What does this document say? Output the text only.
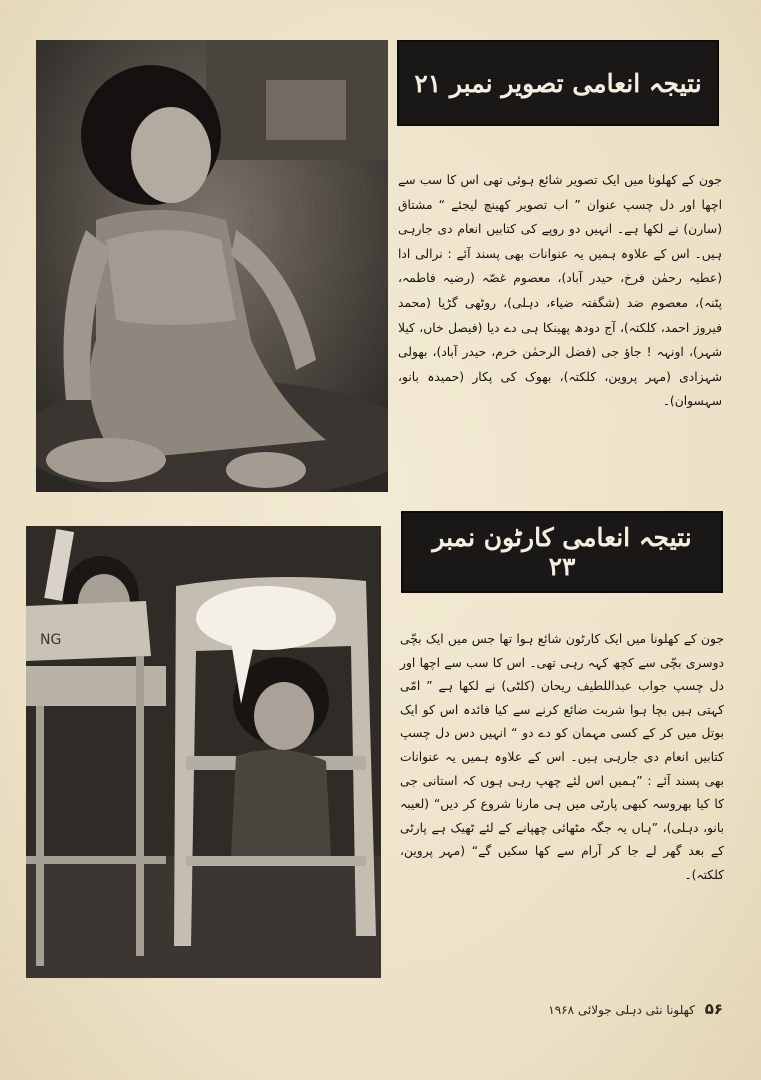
نتیجہ انعامی تصویر نمبر ۲۱

جون کے کھلونا میں ایک تصویر شائع ہوئی تھی اس کا سب سے اچھا اور دل چسپ عنوان ” اب تصویر کھینچ لیجئے “ مشتاق (سارن) نے لکھا ہے۔ انہیں دو روپے کی کتابیں انعام دی جارہی ہیں۔ اس کے علاوہ ہمیں یہ عنوانات بھی پسند آئے : نرالی ادا (عطیہ رحمٰن فرخ، حیدر آباد)، معصوم غصّہ (رضیہ فاطمہ، پٹنہ)، معصوم ضد (شگفتہ ضیاء، دہلی)، روٹھی گڑیا (محمد فیروز احمد، کلکتہ)، آج دودھ پھینکا ہی دے دیا (فیصل خاں، کیلا شہر)، اونہہ ! جاؤ جی (فضل الرحمٰن خرم، حیدر آباد)، بھولی شہزادی (مہر پروین، کلکتہ)، بھوک کی پکار (حمیدہ بانو، سہسوان)۔

NG
نتیجہ انعامی کارٹون نمبر ۲۳

جون کے کھلونا میں ایک کارٹون شائع ہوا تھا جس میں ایک بچّی دوسری بچّی سے کچھ کہہ رہی تھی۔ اس کا سب سے اچھا اور دل چسپ جواب عبداللطیف ریحان (کلٹی) نے لکھا ہے ” امّی کہتی ہیں بچا ہوا شربت ضائع کرنے سے کیا فائدہ اس کو ایک بوتل میں کر کے کسی مہمان کو دے دو “ انہیں دس دل چسپ کتابیں انعام دی جارہی ہیں۔ اس کے علاوہ ہمیں یہ عنوانات بھی پسند آئے : ”ہمیں اس لئے چھپ رہی ہوں کہ استانی جی کا کیا بھروسہ کبھی پارٹی میں ہی مارنا شروع کر دیں“ (لعیبہ بانو، دہلی)، ”ہاں یہ جگہ مٹھائی چھپانے کے لئے ٹھیک ہے پارٹی کے بعد گھر لے جا کر آرام سے کھا سکیں گے“ (مہر پروین، کلکتہ)۔

۵۶ کھلونا نئی دہلی جولائی ۱۹۶۸
